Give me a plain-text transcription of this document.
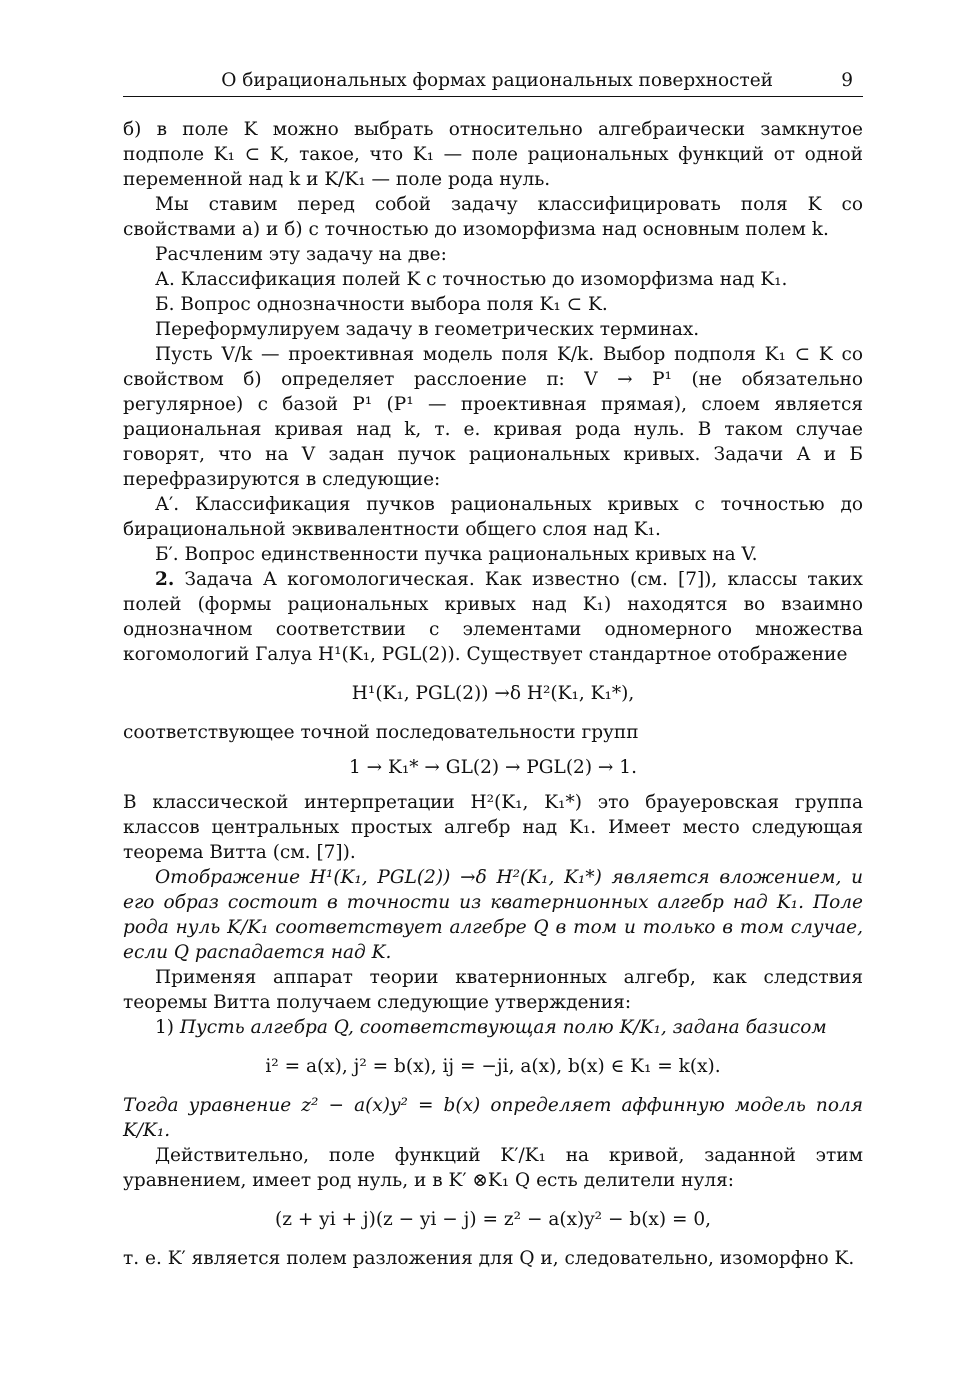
О бирациональных формах рациональных поверхностей	9

б) в поле K можно выбрать относительно алгебраически замкнутое подполе K₁ ⊂ K, такое, что K₁ — поле рациональных функций от одной переменной над k и K/K₁ — поле рода нуль.

Мы ставим перед собой задачу классифицировать поля K со свойствами а) и б) с точностью до изоморфизма над основным полем k.

Расчленим эту задачу на две:

А. Классификация полей K с точностью до изоморфизма над K₁.

Б. Вопрос однозначности выбора поля K₁ ⊂ K.

Переформулируем задачу в геометрических терминах.

Пусть V/k — проективная модель поля K/k. Выбор подполя K₁ ⊂ K со свойством б) определяет расслоение π: V → P¹ (не обязательно регулярное) с базой P¹ (P¹ — проективная прямая), слоем является рациональная кривая над k, т. е. кривая рода нуль. В таком случае говорят, что на V задан пучок рациональных кривых. Задачи А и Б перефразируются в следующие:

А′. Классификация пучков рациональных кривых с точностью до бирациональной эквивалентности общего слоя над K₁.

Б′. Вопрос единственности пучка рациональных кривых на V.

2. Задача А когомологическая. Как известно (см. [7]), классы таких полей (формы рациональных кривых над K₁) находятся во взаимно однозначном соответствии с элементами одномерного множества когомологий Галуа H¹(K₁, PGL(2)). Существует стандартное отображение

H¹(K₁, PGL(2)) →δ H²(K₁, K₁*),

соответствующее точной последовательности групп

1 → K₁* → GL(2) → PGL(2) → 1.

В классической интерпретации H²(K₁, K₁*) это брауеровская группа классов центральных простых алгебр над K₁. Имеет место следующая теорема Витта (см. [7]).

Отображение H¹(K₁, PGL(2)) →δ H²(K₁, K₁*) является вложением, и его образ состоит в точности из кватернионных алгебр над K₁. Поле рода нуль K/K₁ соответствует алгебре Q в том и только в том случае, если Q распадается над K.

Применяя аппарат теории кватернионных алгебр, как следствия теоремы Витта получаем следующие утверждения:

1) Пусть алгебра Q, соответствующая полю K/K₁, задана базисом

i² = a(x), j² = b(x), ij = −ji, a(x), b(x) ∈ K₁ = k(x).

Тогда уравнение z² − a(x)y² = b(x) определяет аффинную модель поля K/K₁.

Действительно, поле функций K′/K₁ на кривой, заданной этим уравнением, имеет род нуль, и в K′ ⊗K₁ Q есть делители нуля:

(z + yi + j)(z − yi − j) = z² − a(x)y² − b(x) = 0,

т. е. K′ является полем разложения для Q и, следовательно, изоморфно K.
